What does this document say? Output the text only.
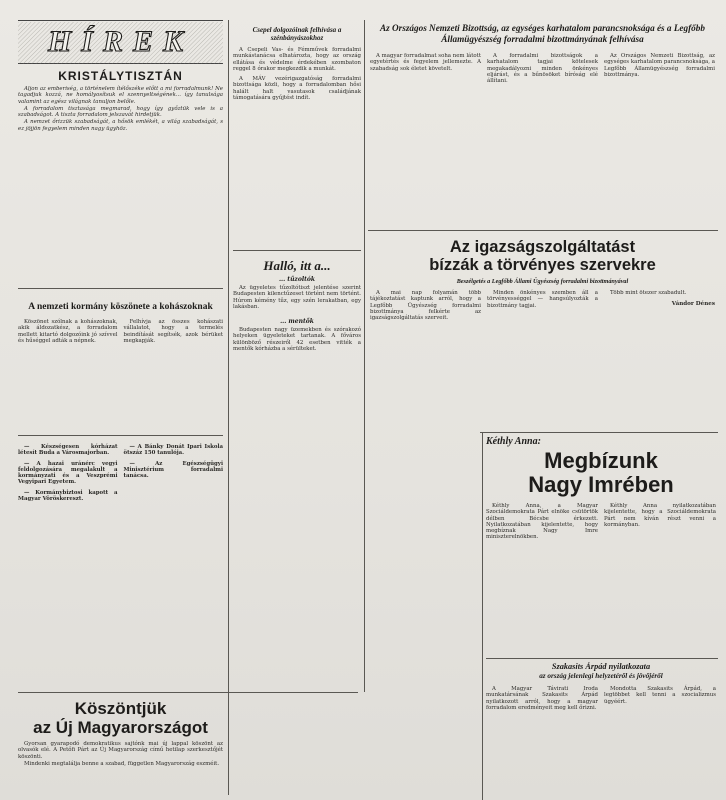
HÍREK
KRISTÁLYTISZTÁN

Aljon az emberiség, a történelem ítélőszéke előtt a mi forradalmunk! Ne tagadjuk kozzá, ne homályosítsuk el szennyeltségének... így tanulsága valamint az egész világnak tanuljon belőle.

A forradalom tisztasága megmarad, hogy így győztük vele is a szabadságot. A tiszta forradalom jelszavát hirdetjük.

A nemzet őrizzük szabadságát, a hősök emlékét, a világ szabadságát, s ez jöjjön fegyelem minden nagy ügyhöz.

A nemzeti kormány köszönete a kohászoknak

Köszönet szólnak a kohászoknak, akik áldozatkész, a forradalom mellett kitartó dolgozóink jó szívvel és hűséggel adták a népnek.

Felhívja az összes kohászati vállalatot, hogy a termelés beindítását segítsék, azok bérüket megkapják.

— Készségesen kórházat létesít Buda a Városmajorban.

— A hazai uránérc vegyi feldolgozására megalakult a kormányzati és a Veszprémi Vegyipari Egyetem.

— Kormánybiztosi kapott a Magyar Vöröskereszt.

— A Bánky Donát Ipari Iskola ötszáz 150 tanulója.

— Az Egészségügyi Minisztérium forradalmi tanácsa.

Köszöntjük
az Új Magyarországot

Gyorsan gyarapodó demokratikus sajtónk mai új lappal köszönt az olvasók elé. A Petőfi Párt az Új Magyarország című hetilap szerkesztőjét köszönti.

Mindenki megtalálja benne a szabad, független Magyarország eszméit.

Csepel dolgozóinak felhívása a szénbányászokhoz

A Csepeli Vas- és Fémművek forradalmi munkástanácsa elhatározta, hogy az ország ellátása és védelme érdekében szombaton reggel 8 órakor megkezdik a munkát.

A MÁV vezérigazgatóság forradalmi bizottsága közli, hogy a forradalomban hősi halált halt vasutasok családjának támogatására gyűjtést indít.

Halló, itt a...
... tűzoltók

Az ügyeletes tűzoltótiszt jelentése szerint Budapesten kilenctűzeset történt nem történt. Húrom kémény tűz, egy szén lerakatban, egy lakásban.

... mentők

Budapesten nagy üzemekben és szórakozó helyeken ügyeleteket tartanak. A főváros különböző részeiről 42 esetben vitték a mentők kórházba a sérülteket.

Az Országos Nemzeti Bizottság, az egységes karhatalom parancsnoksága és a Legfőbb Államügyészség forradalmi bizottmányának felhívása

A magyar forradalmat soha nem látott egyetértés és fegyelem jellemezte. A szabadság sok életet követelt.

A forradalmi bizottságok a karhatalom tagjai kötelesek megakadályozni minden önkényes eljárást, és a bűnösöket bíróság elé állítani.

Az Országos Nemzeti Bizottság, az egységes karhatalom parancsnoksága, a Legfőbb Államügyészség forradalmi bizottmánya.

Az igazságszolgáltatást
bízzák a törvényes szervekre
Beszélgetés a Legfőbb Állami Ügyészség forradalmi bizottmányával

A mai nap folyamán több tájékoztatást kaptunk arról, hogy a Legfőbb Ügyészség forradalmi bizottmánya felkérte az igazságszolgáltatás szerveit.

Minden önkényes szemben áll a törvényességgel — hangsúlyozták a bizottmány tagjai.

Több mint ötezer szabadult.

Vándor Dénes
Kéthly Anna:
Megbízunk
Nagy Imrében

Kéthly Anna, a Magyar Szociáldemokrata Párt elnöke csütörtök délben Bécsbe érkezett. Nyilatkozatában kijelentette, hogy megbíznak Nagy Imre miniszterelnökben.

Kéthly Anna nyilatkozatában kijelentette, hogy a Szociáldemokrata Párt nem kíván részt venni a kormányban.

Szakasits Árpád nyilatkozata
az ország jelenlegi helyzetéről és jövőjéről

A Magyar Távirati Iroda munkatársának Szakasits Árpád nyilatkozott arról, hogy a magyar forradalom eredményeit meg kell őrizni.

Mondotta Szakasits Árpád, a legtöbbet kell tenni a szocializmus ügyéért.
